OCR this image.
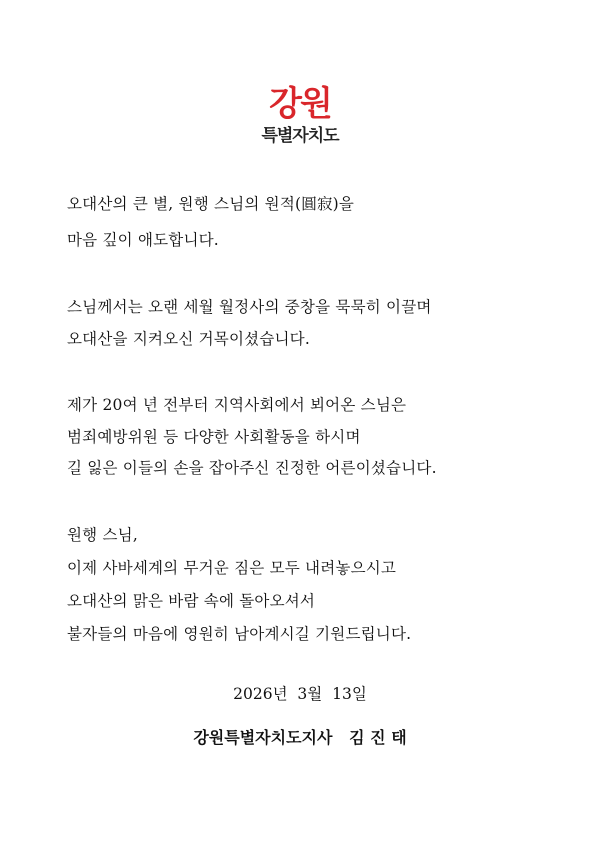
강원
특별자치도
오대산의 큰 별, 원행 스님의 원적(圓寂)을
마음 깊이 애도합니다.
스님께서는 오랜 세월 월정사의 중창을 묵묵히 이끌며
오대산을 지켜오신 거목이셨습니다.
제가 20여 년 전부터 지역사회에서 뵈어온 스님은
범죄예방위원 등 다양한 사회활동을 하시며
길 잃은 이들의 손을 잡아주신 진정한 어른이셨습니다.
원행 스님,
이제 사바세계의 무거운 짐은 모두 내려놓으시고
오대산의 맑은 바람 속에 돌아오셔서
불자들의 마음에 영원히 남아계시길 기원드립니다.
2026년  3월  13일
강원특별자치도지사   김 진 태
